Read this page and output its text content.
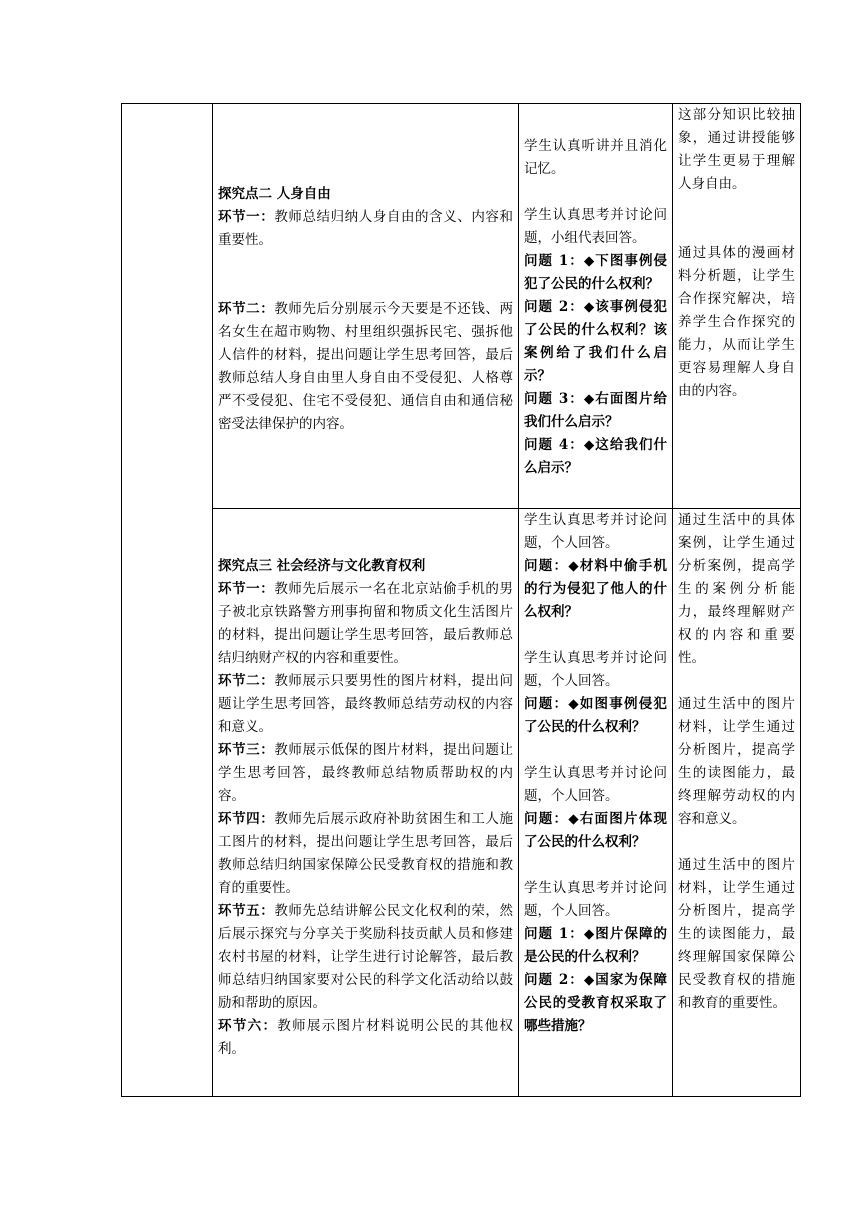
探究点二 人身自由
环节一：教师总结归纳人身自由的含义、内容和重要性。
环节二：教师先后分别展示今天要是不还钱、两名女生在超市购物、村里组织强拆民宅、强拆他人信件的材料，提出问题让学生思考回答，最后教师总结人身自由里人身自由不受侵犯、人格尊严不受侵犯、住宅不受侵犯、通信自由和通信秘密受法律保护的内容。
学生认真听讲并且消化记忆。
学生认真思考并讨论问题，小组代表回答。
问题 1：◆下图事例侵犯了公民的什么权利？
问题 2：◆该事例侵犯了公民的什么权利？该案例给了我们什么启示？
问题 3：◆右面图片给我们什么启示？
问题 4：◆这给我们什么启示？
这部分知识比较抽象，通过讲授能够让学生更易于理解人身自由。
通过具体的漫画材料分析题，让学生合作探究解决，培养学生合作探究的能力，从而让学生更容易理解人身自由的内容。
探究点三 社会经济与文化教育权利
环节一：教师先后展示一名在北京站偷手机的男子被北京铁路警方刑事拘留和物质文化生活图片的材料，提出问题让学生思考回答，最后教师总结归纳财产权的内容和重要性。
环节二：教师展示只要男性的图片材料，提出问题让学生思考回答，最终教师总结劳动权的内容和意义。
环节三：教师展示低保的图片材料，提出问题让学生思考回答，最终教师总结物质帮助权的内容。
环节四：教师先后展示政府补助贫困生和工人施工图片的材料，提出问题让学生思考回答，最后教师总结归纳国家保障公民受教育权的措施和教育的重要性。
环节五：教师先总结讲解公民文化权利的荣，然后展示探究与分享关于奖励科技贡献人员和修建农村书屋的材料，让学生进行讨论解答，最后教师总结归纳国家要对公民的科学文化活动给以鼓励和帮助的原因。
环节六：教师展示图片材料说明公民的其他权利。
学生认真思考并讨论问题，个人回答。
问题：◆材料中偷手机的行为侵犯了他人的什么权利？
学生认真思考并讨论问题，个人回答。
问题：◆如图事例侵犯了公民的什么权利？
学生认真思考并讨论问题，个人回答。
问题：◆右面图片体现了公民的什么权利？
学生认真思考并讨论问题，个人回答。
问题 1：◆图片保障的是公民的什么权利？
问题 2：◆国家为保障公民的受教育权采取了哪些措施？
通过生活中的具体案例，让学生通过分析案例，提高学生的案例分析能力，最终理解财产权的内容和重要性。
通过生活中的图片材料，让学生通过分析图片，提高学生的读图能力，最终理解劳动权的内容和意义。
通过生活中的图片材料，让学生通过分析图片，提高学生的读图能力，最终理解国家保障公民受教育权的措施和教育的重要性。
